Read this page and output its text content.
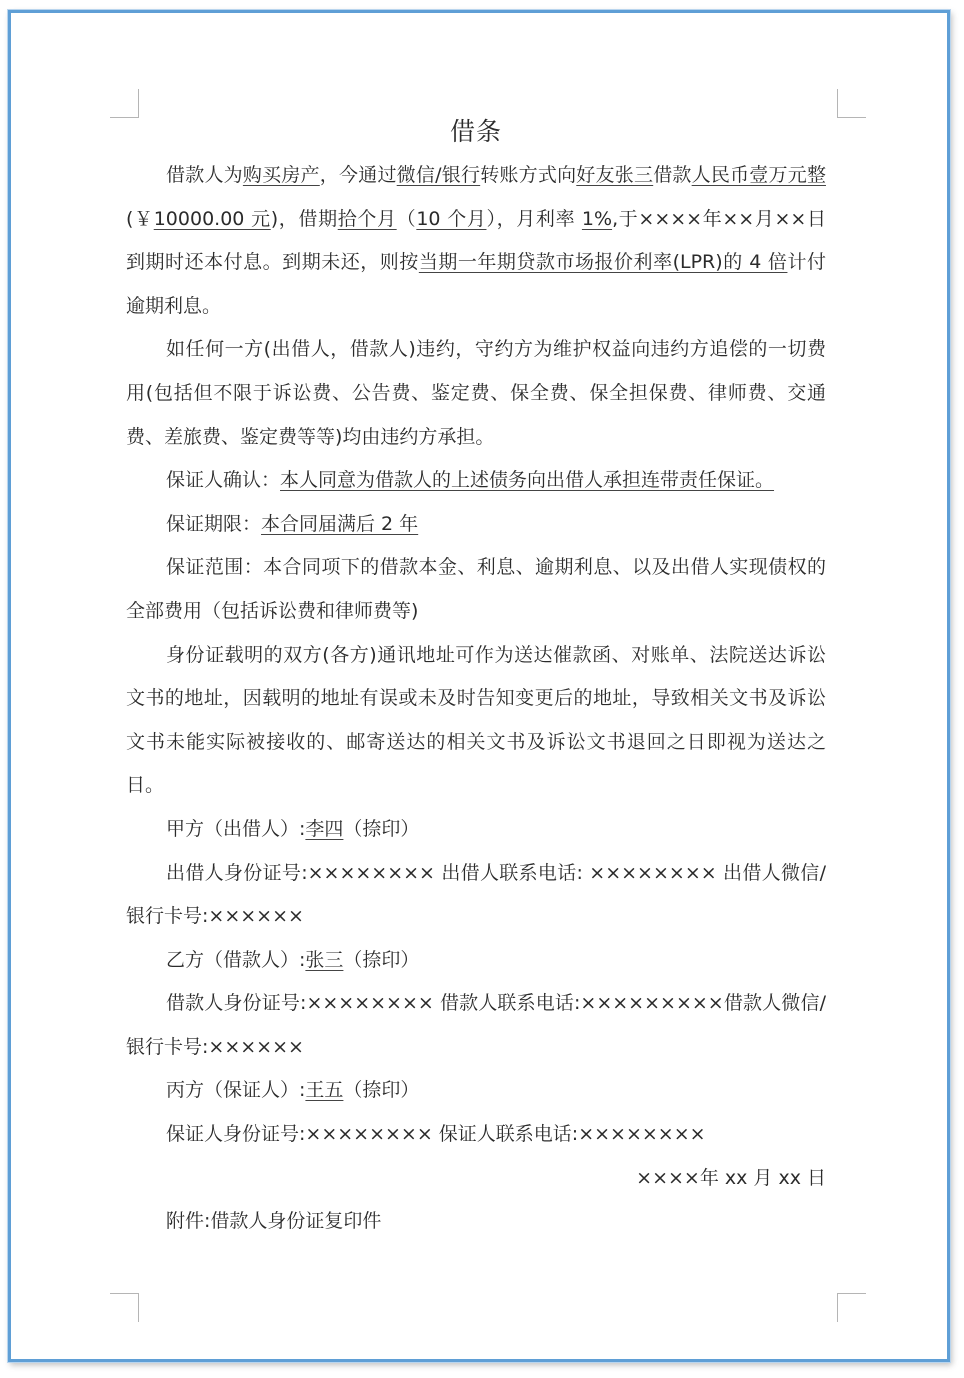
借条

借款人为购买房产，今通过微信/银行转账方式向好友张三借款人民币壹万元整(￥10000.00 元)，借期拾个月（10 个月），月利率 1%,于××××年××月××日到期时还本付息。到期未还，则按当期一年期贷款市场报价利率(LPR)的 4 倍计付逾期利息。

如任何一方(出借人，借款人)违约，守约方为维护权益向违约方追偿的一切费用(包括但不限于诉讼费、公告费、鉴定费、保全费、保全担保费、律师费、交通费、差旅费、鉴定费等等)均由违约方承担。

保证人确认：本人同意为借款人的上述债务向出借人承担连带责任保证。

保证期限：本合同届满后 2 年

保证范围：本合同项下的借款本金、利息、逾期利息、以及出借人实现债权的全部费用（包括诉讼费和律师费等)

身份证载明的双方(各方)通讯地址可作为送达催款函、对账单、法院送达诉讼文书的地址，因载明的地址有误或未及时告知变更后的地址，导致相关文书及诉讼文书未能实际被接收的、邮寄送达的相关文书及诉讼文书退回之日即视为送达之日。

甲方（出借人）:李四（捺印）

出借人身份证号:×××××××× 出借人联系电话: ×××××××× 出借人微信/银行卡号:××××××

乙方（借款人）:张三（捺印）

借款人身份证号:×××××××× 借款人联系电话:×××××××××借款人微信/银行卡号:××××××

丙方（保证人）:王五（捺印）

保证人身份证号:×××××××× 保证人联系电话:××××××××

××××年 xx 月 xx 日

附件:借款人身份证复印件
